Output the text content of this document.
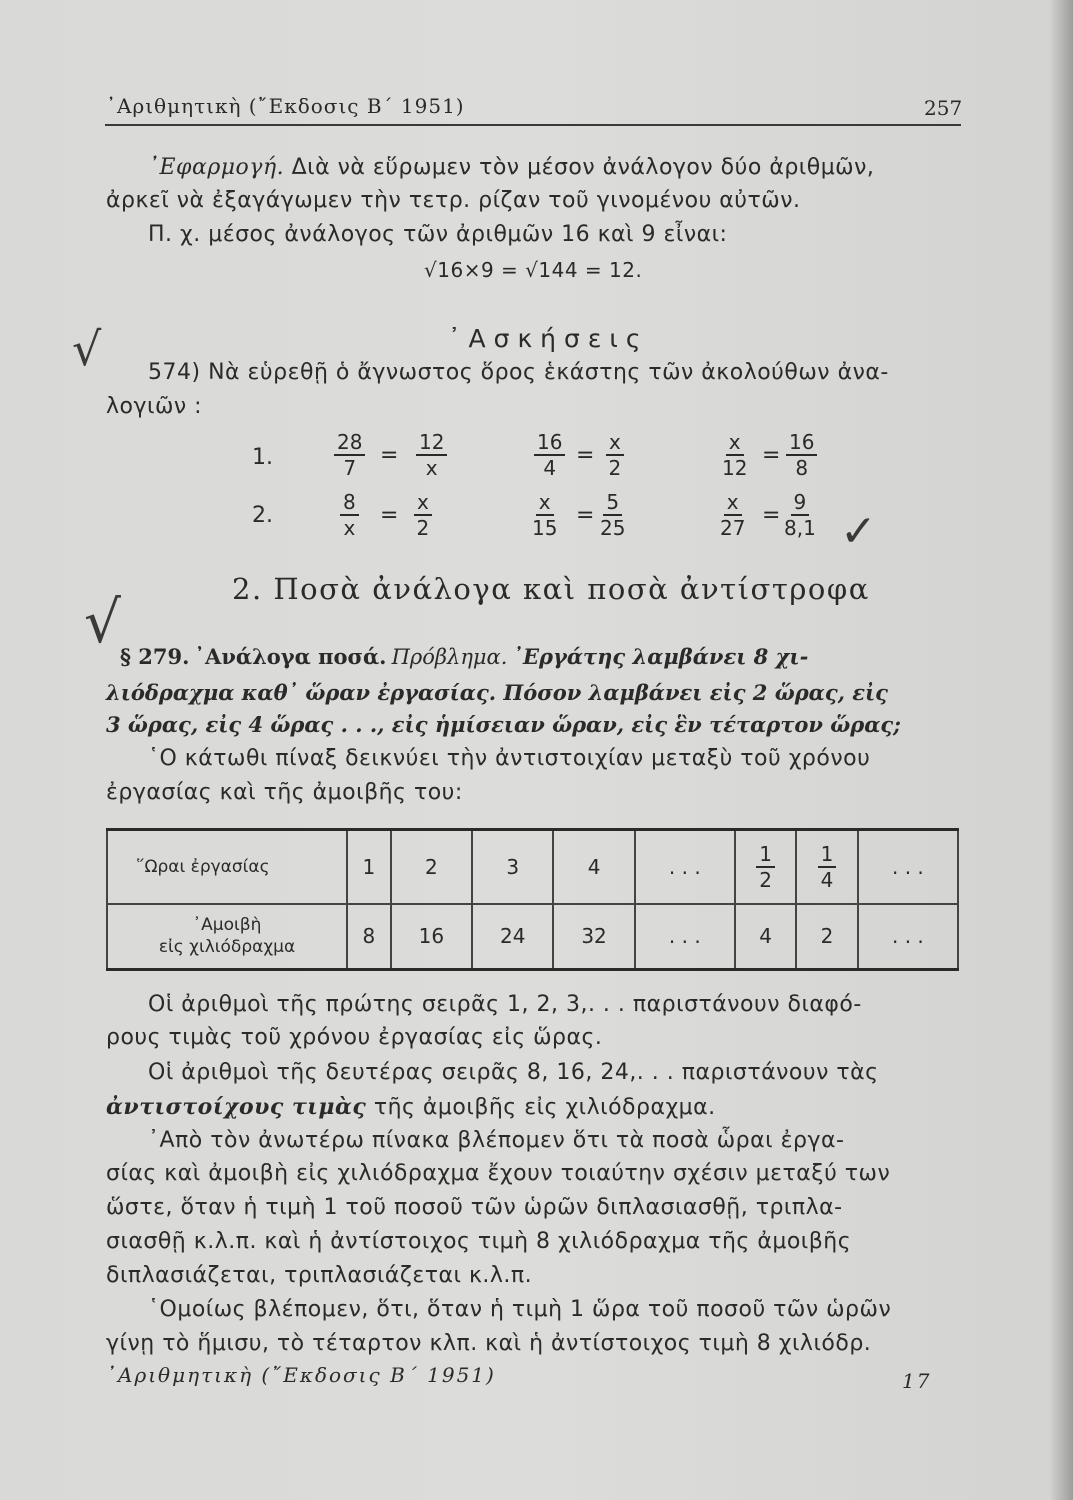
᾿Αριθμητικὴ (῎Εκδοσις Β΄ 1951)	257
᾿Εφαρμογή. Διὰ νὰ εὕρωμεν τὸν μέσον ἀνάλογον δύο ἀριθμῶν,
ἀρκεῖ νὰ ἐξαγάγωμεν τὴν τετρ. ρίζαν τοῦ γινομένου αὐτῶν.
Π. χ. μέσος ἀνάλογος τῶν ἀριθμῶν 16 καὶ 9 εἶναι:
√16×9 = √144 = 12.
᾿Ασκήσεις
√ 574) Νὰ εὑρεθῇ ὁ ἄγνωστος ὅρος ἑκάστης τῶν ἀκολούθων ἀνα-
λογιῶν :
1.
2.
$\frac{28}{7} = \frac{12}{x}$	$\frac{16}{4} = \frac{x}{2}$	$\frac{x}{12} = \frac{16}{8}$
$\frac{8}{x} = \frac{x}{2}$	$\frac{x}{15} = \frac{5}{25}$	$\frac{x}{27} = \frac{9}{8,1}$ ✓
√	2. Ποσὰ ἀνάλογα καὶ ποσὰ ἀντίστροφα
§ 279. ᾿Ανάλογα ποσά. Πρόβλημα. ᾿Εργάτης λαμβάνει 8 χι-
λιόδραχμα καθ᾿ ὥραν ἐργασίας. Πόσον λαμβάνει εἰς 2 ὥρας, εἰς
3 ὥρας, εἰς 4 ὥρας . . ., εἰς ἡμίσειαν ὥραν, εἰς ἓν τέταρτον ὥρας;
῾Ο κάτωθι πίναξ δεικνύει τὴν ἀντιστοιχίαν μεταξὺ τοῦ χρόνου
ἐργασίας καὶ τῆς ἀμοιβῆς του:
῞Ωραι ἐργασίας	1	2	3	4	. . .	$\frac{1}{2}$	$\frac{1}{4}$	. . .

᾿Αμοιβὴ
εἰς χιλιόδραχμα	8	16	24	32	. . .	4	2	. . .
Οἱ ἀριθμοὶ τῆς πρώτης σειρᾶς 1, 2, 3,. . . παριστάνουν διαφό-
ρους τιμὰς τοῦ χρόνου ἐργασίας εἰς ὥρας.
Οἱ ἀριθμοὶ τῆς δευτέρας σειρᾶς 8, 16, 24,. . . παριστάνουν τὰς
ἀντιστοίχους τιμὰς τῆς ἀμοιβῆς εἰς χιλιόδραχμα.
᾿Απὸ τὸν ἀνωτέρω πίνακα βλέπομεν ὅτι τὰ ποσὰ ὧραι ἐργα-
σίας καὶ ἀμοιβὴ εἰς χιλιόδραχμα ἔχουν τοιαύτην σχέσιν μεταξύ των
ὥστε, ὅταν ἡ τιμὴ 1 τοῦ ποσοῦ τῶν ὡρῶν διπλασιασθῇ, τριπλα-
σιασθῇ κ.λ.π. καὶ ἡ ἀντίστοιχος τιμὴ 8 χιλιόδραχμα τῆς ἀμοιβῆς
διπλασιάζεται, τριπλασιάζεται κ.λ.π.
῾Ομοίως βλέπομεν, ὅτι, ὅταν ἡ τιμὴ 1 ὥρα τοῦ ποσοῦ τῶν ὡρῶν
γίνῃ τὸ ἥμισυ, τὸ τέταρτον κλπ. καὶ ἡ ἀντίστοιχος τιμὴ 8 χιλιόδρ.
᾿Αριθμητικὴ (῎Εκδοσις Β΄ 1951)	17
